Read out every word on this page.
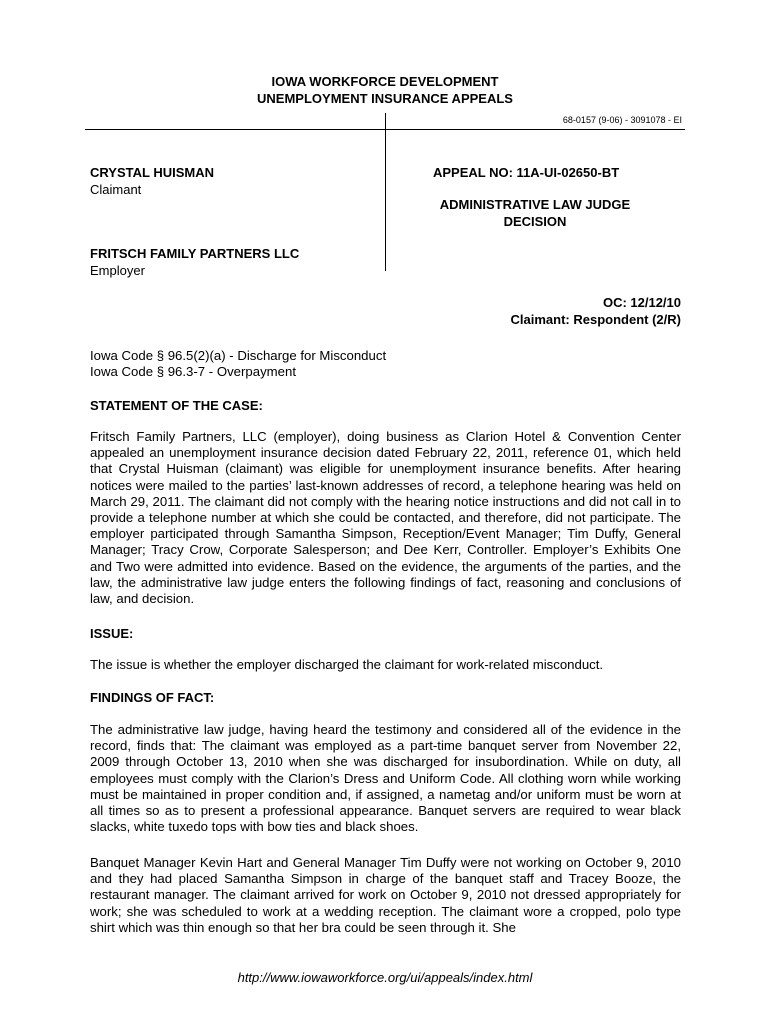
IOWA WORKFORCE DEVELOPMENT
UNEMPLOYMENT INSURANCE APPEALS
68-0157 (9-06) - 3091078 - EI
CRYSTAL HUISMAN
Claimant
FRITSCH FAMILY PARTNERS LLC
Employer
APPEAL NO: 11A-UI-02650-BT
ADMINISTRATIVE LAW JUDGE
DECISION
OC: 12/12/10
Claimant: Respondent (2/R)
Iowa Code § 96.5(2)(a) - Discharge for Misconduct
Iowa Code § 96.3-7 - Overpayment
STATEMENT OF THE CASE:

Fritsch Family Partners, LLC (employer), doing business as Clarion Hotel & Convention Center appealed an unemployment insurance decision dated February 22, 2011, reference 01, which held that Crystal Huisman (claimant) was eligible for unemployment insurance benefits. After hearing notices were mailed to the parties’ last-known addresses of record, a telephone hearing was held on March 29, 2011. The claimant did not comply with the hearing notice instructions and did not call in to provide a telephone number at which she could be contacted, and therefore, did not participate. The employer participated through Samantha Simpson, Reception/Event Manager; Tim Duffy, General Manager; Tracy Crow, Corporate Salesperson; and Dee Kerr, Controller. Employer’s Exhibits One and Two were admitted into evidence. Based on the evidence, the arguments of the parties, and the law, the administrative law judge enters the following findings of fact, reasoning and conclusions of law, and decision.

ISSUE:

The issue is whether the employer discharged the claimant for work-related misconduct.

FINDINGS OF FACT:

The administrative law judge, having heard the testimony and considered all of the evidence in the record, finds that: The claimant was employed as a part-time banquet server from November 22, 2009 through October 13, 2010 when she was discharged for insubordination. While on duty, all employees must comply with the Clarion’s Dress and Uniform Code. All clothing worn while working must be maintained in proper condition and, if assigned, a nametag and/or uniform must be worn at all times so as to present a professional appearance. Banquet servers are required to wear black slacks, white tuxedo tops with bow ties and black shoes.

Banquet Manager Kevin Hart and General Manager Tim Duffy were not working on October 9, 2010 and they had placed Samantha Simpson in charge of the banquet staff and Tracey Booze, the restaurant manager. The claimant arrived for work on October 9, 2010 not dressed appropriately for work; she was scheduled to work at a wedding reception. The claimant wore a cropped, polo type shirt which was thin enough so that her bra could be seen through it. She

http://www.iowaworkforce.org/ui/appeals/index.html
